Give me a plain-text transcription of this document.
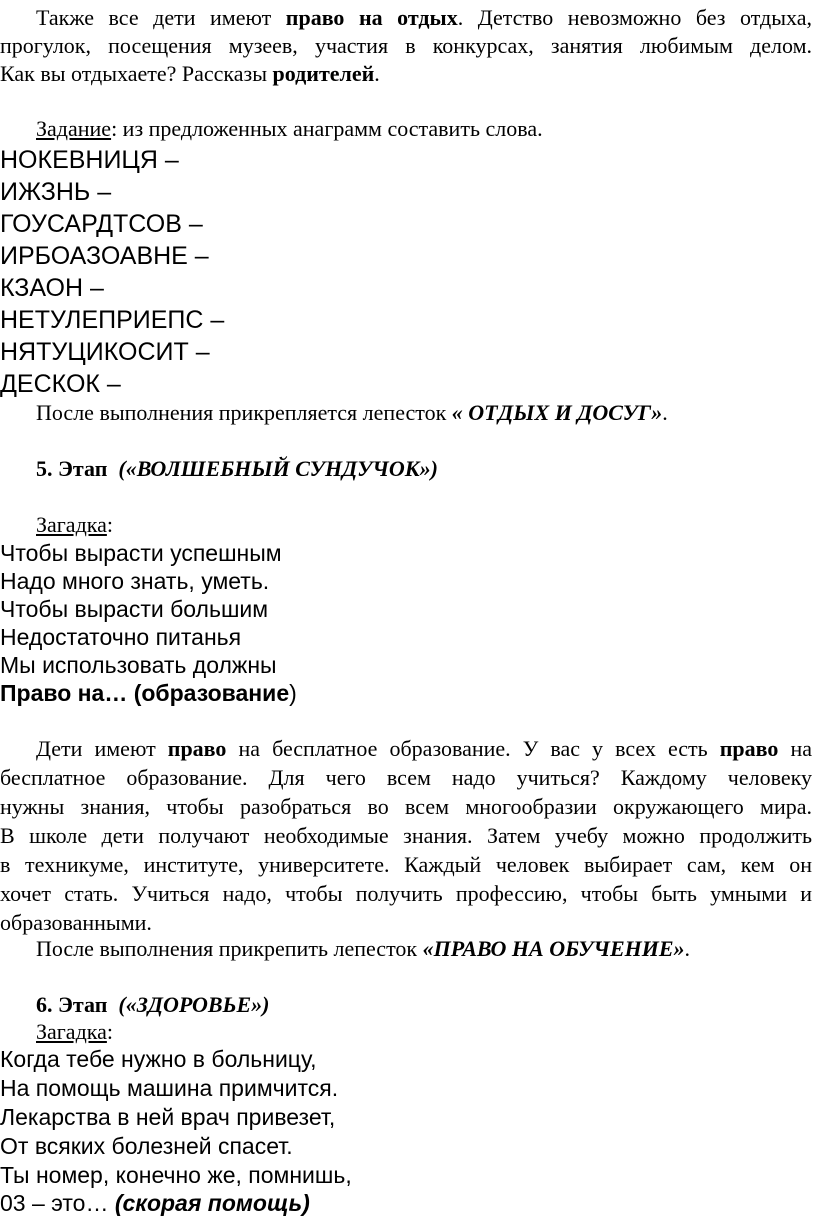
Также все дети имеют право на отдых. Детство невозможно без отдыха,
прогулок, посещения музеев, участия в конкурсах, занятия любимым делом.
Как вы отдыхаете? Рассказы родителей.
Задание: из предложенных анаграмм составить слова.
НОКЕВНИЦЯ –
ИЖЗНЬ –
ГОУСАРДТСОВ –
ИРБОАЗОАВНЕ –
КЗАОН –
НЕТУЛЕПРИЕПС –
НЯТУЦИКОСИТ –
ДЕСКОК –
После выполнения прикрепляется лепесток « ОТДЫХ И ДОСУГ».
5. Этап («ВОЛШЕБНЫЙ СУНДУЧОК»)
Загадка:
Чтобы вырасти успешным
Надо много знать, уметь.
Чтобы вырасти большим
Недостаточно питанья
Мы использовать должны
Право на… (образование)
Дети имеют право на бесплатное образование. У вас у всех есть право на
бесплатное образование. Для чего всем надо учиться? Каждому человеку
нужны знания, чтобы разобраться во всем многообразии окружающего мира.
В школе дети получают необходимые знания. Затем учебу можно продолжить
в техникуме, институте, университете. Каждый человек выбирает сам, кем он
хочет стать. Учиться надо, чтобы получить профессию, чтобы быть умными и
образованными.
После выполнения прикрепить лепесток «ПРАВО НА ОБУЧЕНИЕ».
6. Этап («ЗДОРОВЬЕ»)
Загадка:
Когда тебе нужно в больницу,
На помощь машина примчится.
Лекарства в ней врач привезет,
От всяких болезней спасет.
Ты номер, конечно же, помнишь,
03 – это… (скорая помощь)
